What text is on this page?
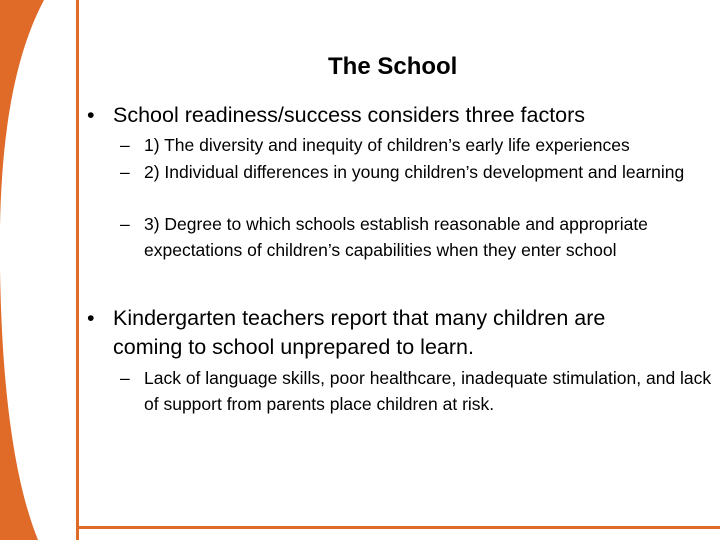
The School
• School readiness/success considers three factors
– 1) The diversity and inequity of children’s early life experiences
– 2) Individual differences in young children’s development and learning
– 3) Degree to which schools establish reasonable and appropriate expectations of children’s capabilities when they enter school
• Kindergarten teachers report that many children are coming to school unprepared to learn.
– Lack of language skills, poor healthcare, inadequate stimulation, and lack of support from parents place children at risk.
